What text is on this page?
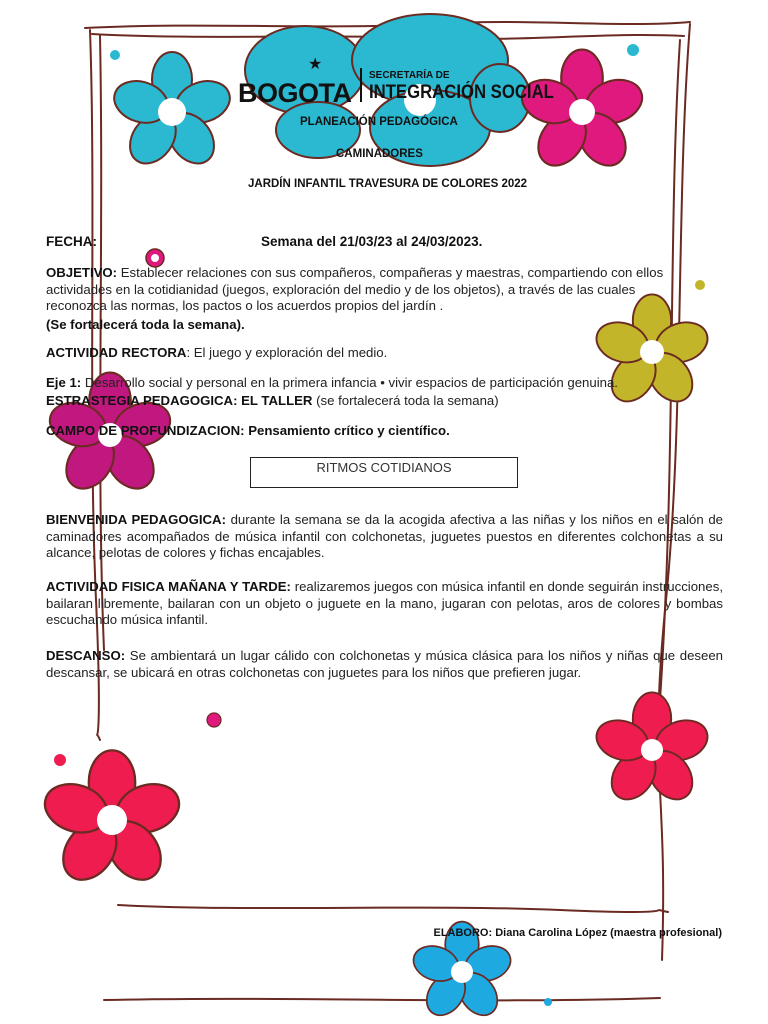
BOGOTA
★
SECRETARÍA DE
INTEGRACIÓN SOCIAL
PLANEACIÓN PEDAGÓGICA
CAMINADORES
JARDÍN INFANTIL TRAVESURA DE COLORES 2022
FECHA:	Semana del 21/03/23 al 24/03/2023.
OBJETIVO: Establecer relaciones con sus compañeros, compañeras y maestras, compartiendo con ellos actividades en la cotidianidad (juegos, exploración del medio y de los objetos), a través de las cuales reconozca las normas, los pactos o los acuerdos propios del jardín .
(Se fortalecerá toda la semana).
ACTIVIDAD RECTORA: El juego y exploración del medio.
Eje 1: Desarrollo social y personal en la primera infancia • vivir espacios de participación genuina.
ESTRASTEGIA PEDAGOGICA: EL TALLER (se fortalecerá toda la semana)
CAMPO DE PROFUNDIZACION: Pensamiento crítico y científico.
RITMOS COTIDIANOS
BIENVENIDA PEDAGOGICA: durante la semana se da la acogida afectiva a las niñas y los niños en el salón de caminadores acompañados de música infantil con colchonetas, juguetes puestos en diferentes colchonetas a su alcance, pelotas de colores y fichas encajables.
ACTIVIDAD FISICA MAÑANA Y TARDE: realizaremos juegos con música infantil en donde seguirán instrucciones, bailaran libremente, bailaran con un objeto o juguete en la mano, jugaran con pelotas, aros de colores y bombas escuchando música infantil.
DESCANSO: Se ambientará un lugar cálido con colchonetas y música clásica para los niños y niñas que deseen descansar, se ubicará en otras colchonetas con juguetes para los niños que prefieren jugar.
ELABORO: Diana Carolina López (maestra profesional)
